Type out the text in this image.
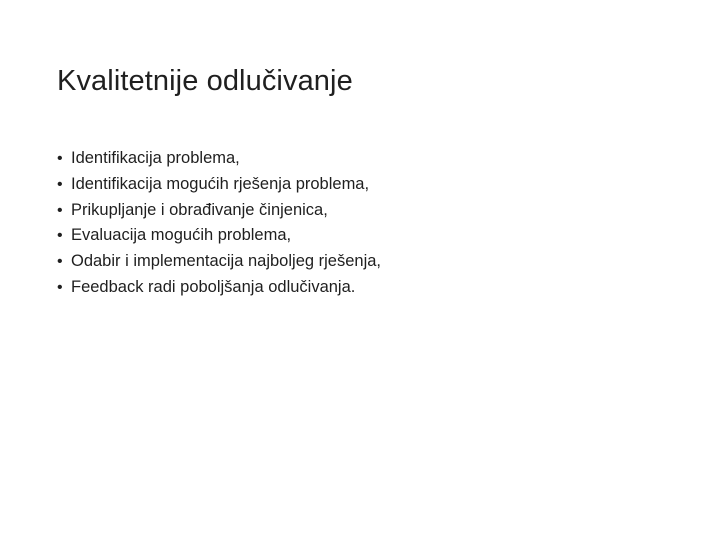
Kvalitetnije odlučivanje
• Identifikacija problema,
• Identifikacija mogućih rješenja problema,
• Prikupljanje i obrađivanje činjenica,
• Evaluacija mogućih problema,
• Odabir i implementacija najboljeg rješenja,
• Feedback radi poboljšanja odlučivanja.
